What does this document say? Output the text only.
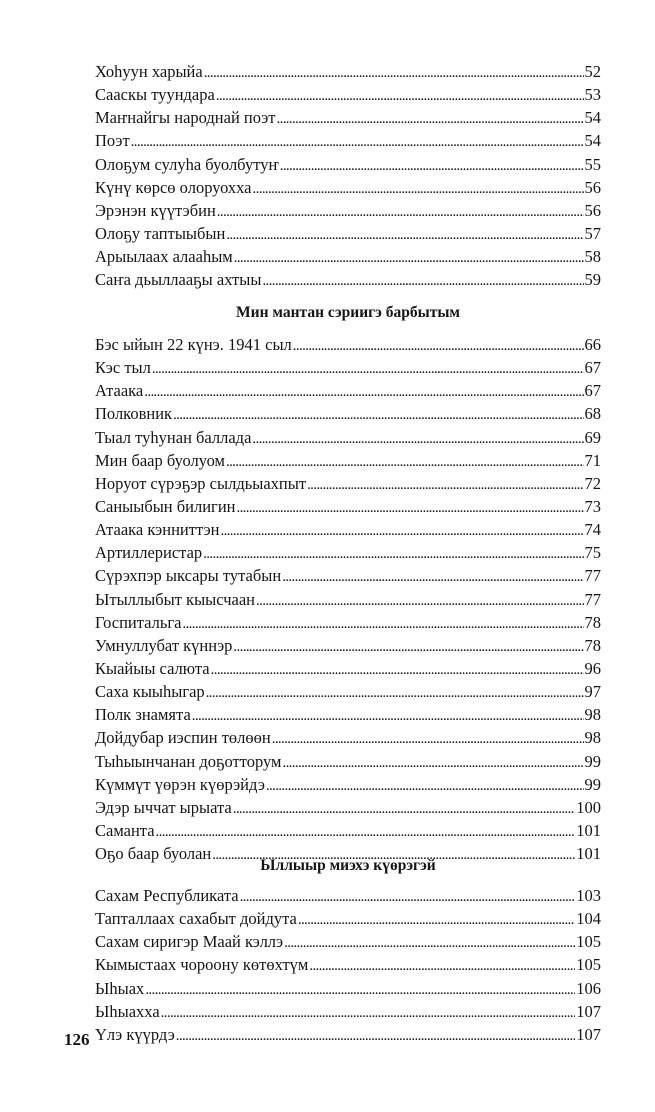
Хоһуун харыйа . . .	52
Сааскы туундара . . .	53
Маҥнайгы народнай поэт . . .	54
Поэт . . .	54
Олоҕум сулуһа буолбутуҥ . . .	55
Күнү көрсө олоруохха . . .	56
Эрэнэн күүтэбин . . .	56
Олоҕу таптыыбын . . .	57
Арыылаах алааһым . . .	58
Саҥа дьыллааҕы ахтыы . . .	59
Мин мантан сэриигэ барбытым
Бэс ыйын 22 күнэ. 1941 сыл . . .	66
Кэс тыл . . .	67
Атаака . . .	67
Полковник . . .	68
Тыал туһунан баллада . . .	69
Мин баар буолуом . . .	71
Норуот сүрэҕэр сылдьыахпыт . . .	72
Саныыбын билигин . . .	73
Атаака кэнниттэн . . .	74
Артиллеристар . . .	75
Сүрэхпэр ыксары тутабын . . .	77
Ытыллыбыт кыысчаан . . .	77
Госпитальга . . .	78
Умнуллубат күннэр . . .	78
Кыайыы салюта . . .	96
Саха кыыһыгар . . .	97
Полк знамята . . .	98
Дойдубар иэспин төлөөн . . .	98
Тыһыынчанан доҕотторум . . .	99
Күммүт үөрэн күөрэйдэ . . .	99
Эдэр ыччат ырыата . . .	100
Саманта . . .	101
Оҕо баар буолан . . .	101
Ыллыыр миэхэ күөрэгэй
Сахам Республиката . . .	103
Тапталлаах сахабыт дойдута . . .	104
Сахам сиригэр Маай кэллэ . . .	105
Кымыстаах чороону көтөхтүм . . .	105
Ыһыах . . .	106
Ыһыахха . . .	107
Үлэ күүрдэ . . .	107
126
